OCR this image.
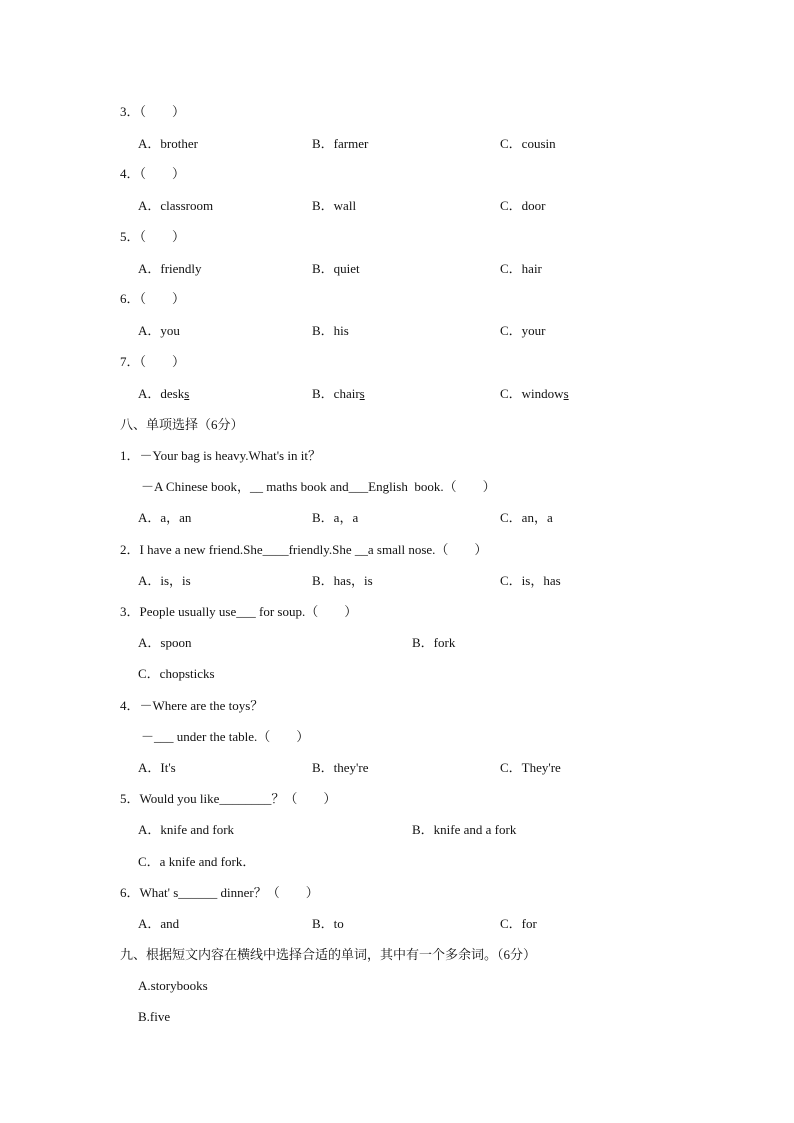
3．（　　）
A．brother	B．farmer	C．cousin
4．（　　）
A．classroom	B．wall	C．door
5．（　　）
A．friendly	B．quiet	C．hair
6．（　　）
A．you	B．his	C．your
7．（　　）
A．desks	B．chairs	C．windows
八、单项选择（6分）
1．－Your bag is heavy.What's in it？
－A Chinese book，__ maths book and___English  book.（　　）
A．a，an	B．a，a	C．an，a
2．I have a new friend.She____friendly.She __a small nose.（　　）
A．is，is	B．has，is	C．is，has
3．People usually use___ for soup.（　　）
A．spoon	B．fork
C．chopsticks
4．－Where are the toys？
－___ under the table.（　　）
A．It's	B．they're	C．They're
5．Would you like________？（　　）
A．knife and fork	B．knife and a fork
C．a knife and fork．
6．What' s______ dinner？（　　）
A．and	B．to	C．for
九、根据短文内容在横线中选择合适的单词，其中有一个多余词。（6分）
A.storybooks
B.five
